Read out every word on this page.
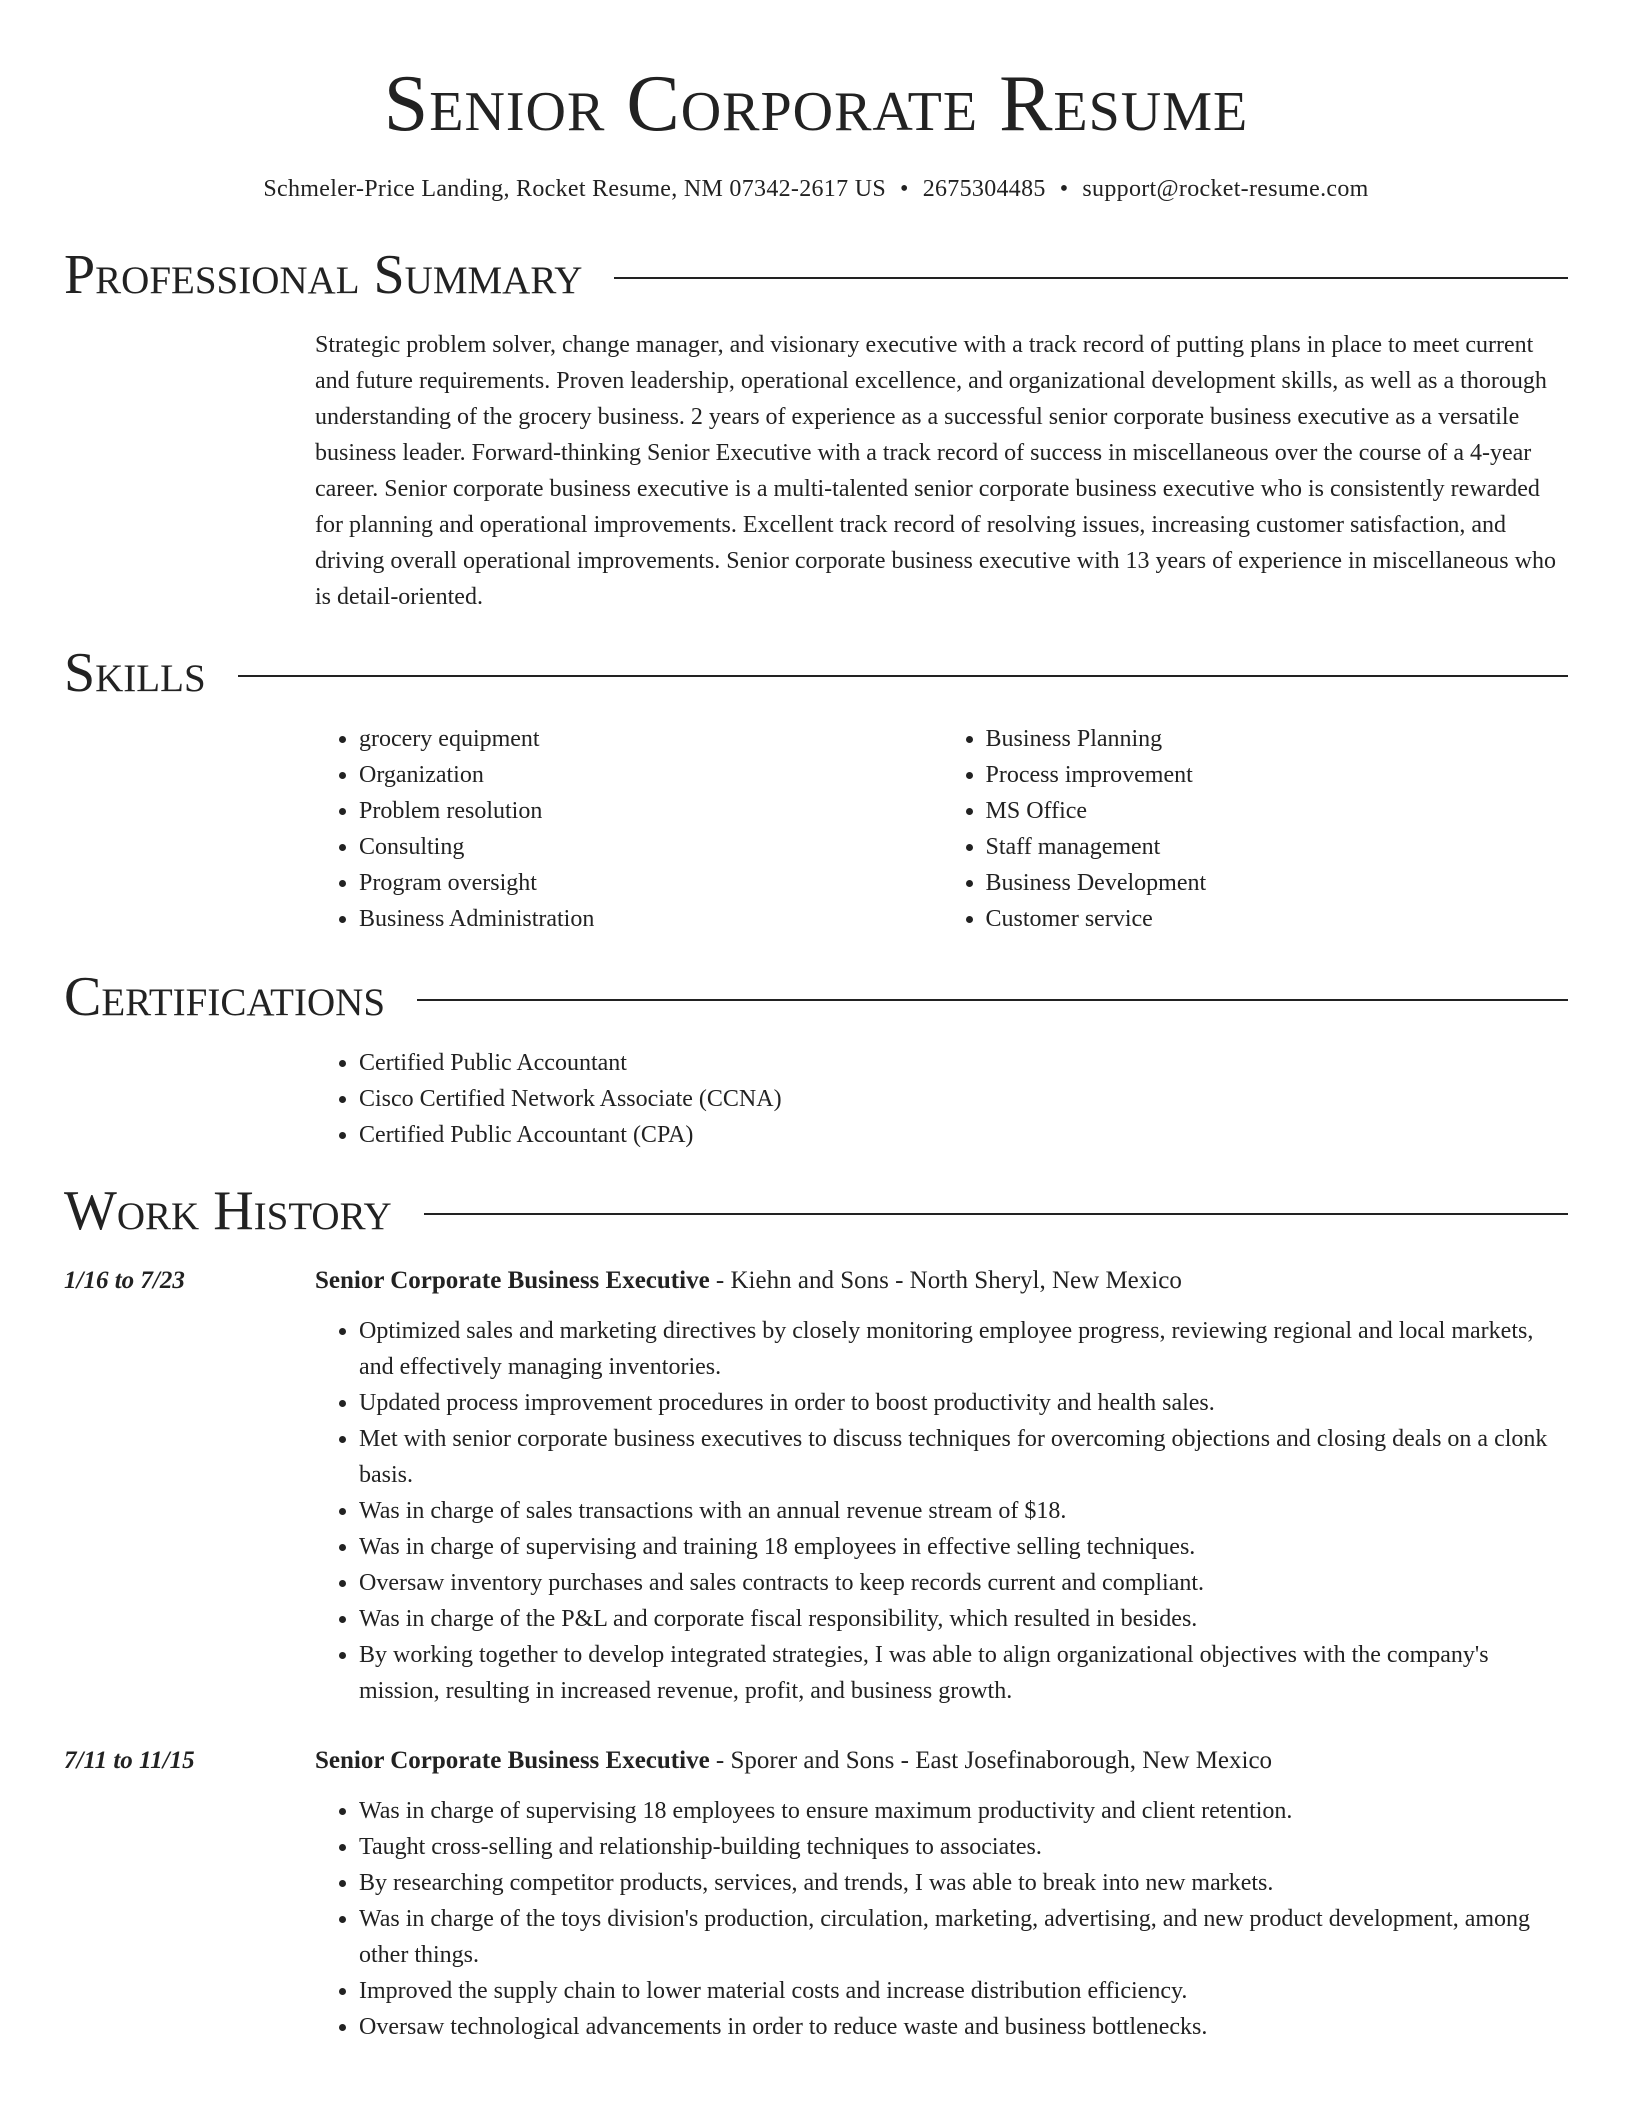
Senior Corporate Resume
Schmeler-Price Landing, Rocket Resume, NM 07342-2617 US • 2675304485 • support@rocket-resume.com
Professional Summary
Strategic problem solver, change manager, and visionary executive with a track record of putting plans in place to meet current and future requirements. Proven leadership, operational excellence, and organizational development skills, as well as a thorough understanding of the grocery business. 2 years of experience as a successful senior corporate business executive as a versatile business leader. Forward-thinking Senior Executive with a track record of success in miscellaneous over the course of a 4-year career. Senior corporate business executive is a multi-talented senior corporate business executive who is consistently rewarded for planning and operational improvements. Excellent track record of resolving issues, increasing customer satisfaction, and driving overall operational improvements. Senior corporate business executive with 13 years of experience in miscellaneous who is detail-oriented.
Skills
• grocery equipment
• Organization
• Problem resolution
• Consulting
• Program oversight
• Business Administration
• Business Planning
• Process improvement
• MS Office
• Staff management
• Business Development
• Customer service
Certifications
• Certified Public Accountant
• Cisco Certified Network Associate (CCNA)
• Certified Public Accountant (CPA)
Work History
1/16 to 7/23	Senior Corporate Business Executive - Kiehn and Sons - North Sheryl, New Mexico
• Optimized sales and marketing directives by closely monitoring employee progress, reviewing regional and local markets, and effectively managing inventories.
• Updated process improvement procedures in order to boost productivity and health sales.
• Met with senior corporate business executives to discuss techniques for overcoming objections and closing deals on a clonk basis.
• Was in charge of sales transactions with an annual revenue stream of $18.
• Was in charge of supervising and training 18 employees in effective selling techniques.
• Oversaw inventory purchases and sales contracts to keep records current and compliant.
• Was in charge of the P&L and corporate fiscal responsibility, which resulted in besides.
• By working together to develop integrated strategies, I was able to align organizational objectives with the company's mission, resulting in increased revenue, profit, and business growth.
7/11 to 11/15	Senior Corporate Business Executive - Sporer and Sons - East Josefinaborough, New Mexico
• Was in charge of supervising 18 employees to ensure maximum productivity and client retention.
• Taught cross-selling and relationship-building techniques to associates.
• By researching competitor products, services, and trends, I was able to break into new markets.
• Was in charge of the toys division's production, circulation, marketing, advertising, and new product development, among other things.
• Improved the supply chain to lower material costs and increase distribution efficiency.
• Oversaw technological advancements in order to reduce waste and business bottlenecks.
